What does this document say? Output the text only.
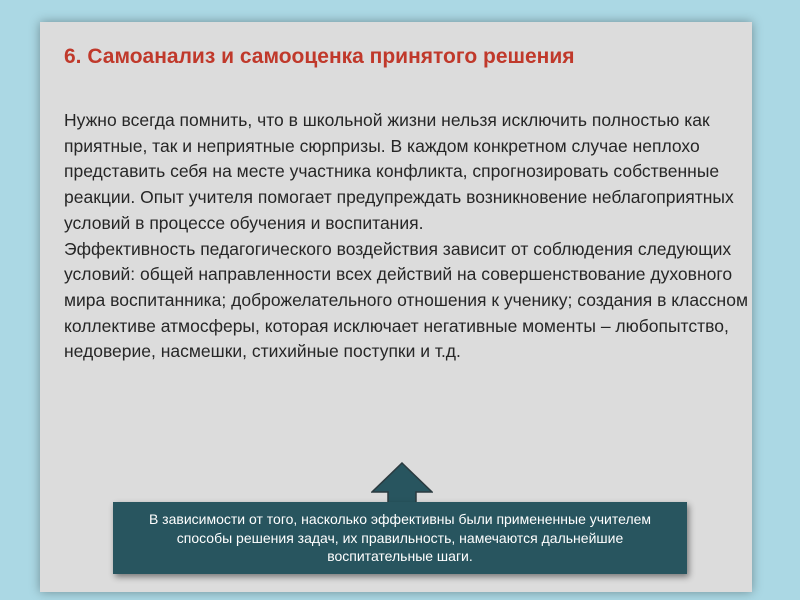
6. Самоанализ и самооценка принятого решения

Нужно всегда помнить, что в школьной жизни нельзя исключить полностью как приятные, так и неприятные сюрпризы. В каждом конкретном случае неплохо представить себя на месте участника конфликта, спрогнозировать собственные реакции. Опыт учителя помогает предупреждать возникновение неблагоприятных условий в процессе обучения и воспитания.

Эффективность педагогического воздействия зависит от соблюдения следующих условий: общей направленности всех действий на совершенствование духовного мира воспитанника; доброжелательного отношения к ученику; создания в классном коллективе атмосферы, которая исключает негативные моменты – любопытство, недоверие, насмешки, стихийные поступки и т.д.

В зависимости от того, насколько эффективны были примененные учителем способы решения задач, их правильность, намечаются дальнейшие воспитательные шаги.
